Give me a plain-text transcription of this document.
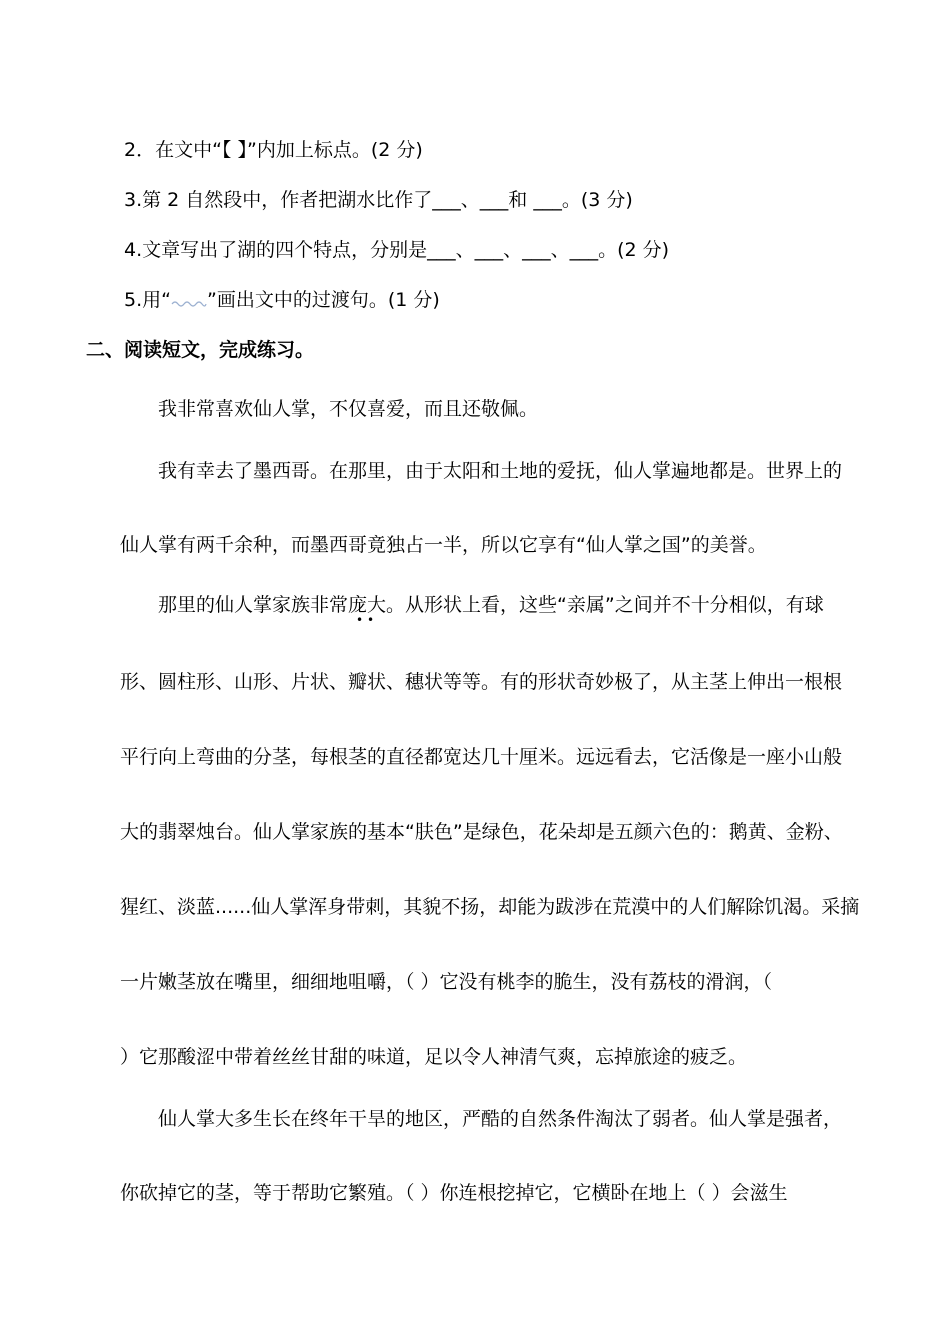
2．在文中“【 】”内加上标点。(2 分)
3.第 2 自然段中，作者把湖水比作了___、___和 ___。(3 分)
4.文章写出了湖的四个特点，分别是___、___、___、___。(2 分)
5.用“ ”画出文中的过渡句。(1 分)
二、阅读短文，完成练习。
我非常喜欢仙人掌，不仅喜爱，而且还敬佩。
我有幸去了墨西哥。在那里，由于太阳和土地的爱抚，仙人掌遍地都是。世界上的
仙人掌有两千余种，而墨西哥竟独占一半，所以它享有“仙人掌之国”的美誉。
那里的仙人掌家族非常庞大
••
。从形状上看，这些“亲属”之间并不十分相似，有球
形、圆柱形、山形、片状、瓣状、穗状等等。有的形状奇妙极了，从主茎上伸出一根根
平行向上弯曲的分茎，每根茎的直径都宽达几十厘米。远远看去，它活像是一座小山般
大的翡翠烛台。仙人掌家族的基本“肤色”是绿色，花朵却是五颜六色的：鹅黄、金粉、
猩红、淡蓝......仙人掌浑身带刺，其貌不扬，却能为跋涉在荒漠中的人们解除饥渴。采摘
一片嫩茎放在嘴里，细细地咀嚼，（ ）它没有桃李的脆生，没有荔枝的滑润，（
）它那酸涩中带着丝丝甘甜的味道，足以令人神清气爽，忘掉旅途的疲乏。
仙人掌大多生长在终年干旱的地区，严酷的自然条件淘汰了弱者。仙人掌是强者，
你砍掉它的茎，等于帮助它繁殖。（ ）你连根挖掉它，它横卧在地上（ ）会滋生
